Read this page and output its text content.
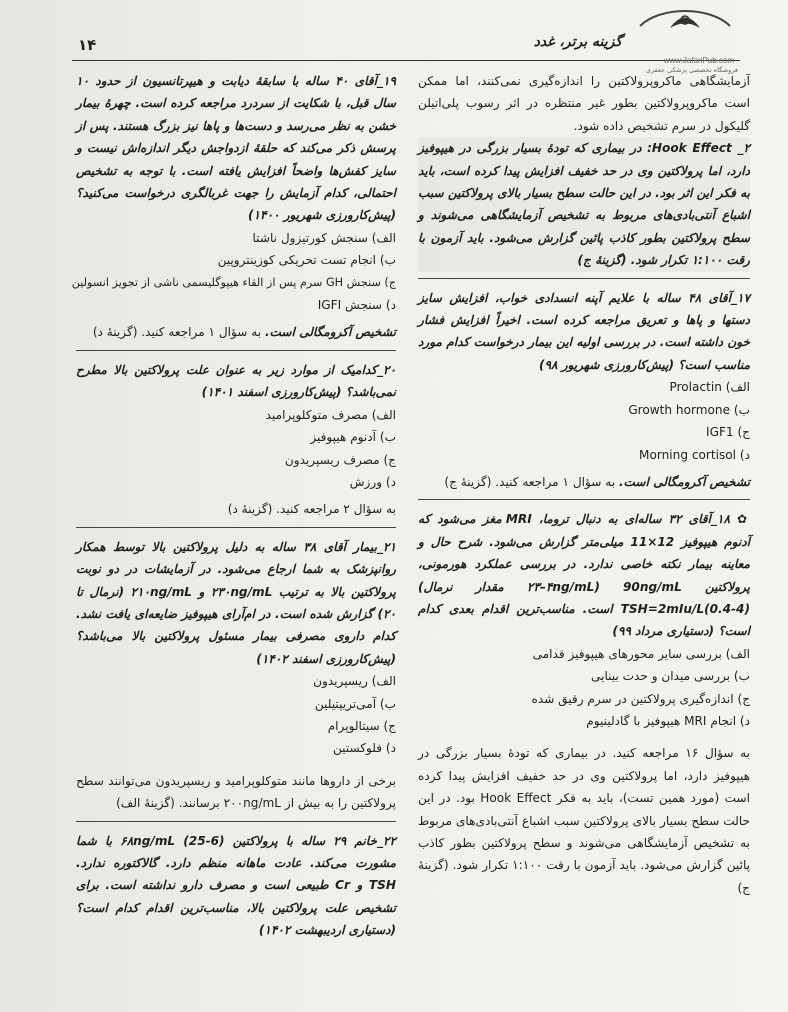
۱۴	گزینه برتر، غدد
www.JafariPub.com
فروشگاه تخصصی پزشکی جعفری
آزمایشگاهی ماکروپرولاکتین را اندازه‌گیری نمی‌کنند، اما ممکن است ماکروپرولاکتین بطور غیر منتظره در اثر رسوب پلی‌اتیلن گلیکول در سرم تشخیص داده شود.
۲_ Hook Effect: در بیماری که تودهٔ بسیار بزرگی در هیپوفیز دارد، اما پرولاکتین وی در حد خفیف افزایش پیدا کرده است، باید به فکر این اثر بود. در این حالت سطح بسیار بالای پرولاکتین سبب اشباع آنتی‌بادی‌های مربوط به تشخیص آزمایشگاهی می‌شوند و سطح پرولاکتین بطور کاذب پائین گزارش می‌شود. باید آزمون با رقت ۱:۱۰۰ تکرار شود. (گزینهٔ ج)
۱۷_آقای ۴۸ ساله با علایم آپنه انسدادی خواب، افزایش سایز دستها و پاها و تعریق مراجعه کرده است. اخیراً افزایش فشار خون داشته است. در بررسی اولیه این بیمار درخواست کدام مورد مناسب است؟ (پیش‌کارورزی شهریور ۹۸)
الف) Prolactin
ب) Growth hormone
ج) IGF1
د) Morning cortisol
تشخیص آکرومگالی است. به سؤال ۱ مراجعه کنید. (گزینهٔ ج)
✿ ۱۸_آقای ۳۲ ساله‌ای به دنبال تروما، MRI مغز می‌شود که آدنوم هیپوفیز 12×11 میلی‌متر گزارش می‌شود. شرح حال و معاینه بیمار نکته خاصی ندارد. در بررسی عملکرد هورمونی، پرولاکتین 90ng/mL (۲۳–۴ng/mL مقدار نرمال) TSH=2mIu/L(0.4-4) است. مناسب‌ترین اقدام بعدی کدام است؟ (دستیاری مرداد ۹۹)
الف) بررسی سایر محورهای هیپوفیز قدامی
ب) بررسی میدان و حدت بینایی
ج) اندازه‌گیری پرولاکتین در سرم رقیق شده
د) انجام MRI هیپوفیز با گادلینیوم
به سؤال ۱۶ مراجعه کنید. در بیماری که تودهٔ بسیار بزرگی در هیپوفیز دارد، اما پرولاکتین وی در حد خفیف افزایش پیدا کرده است (مورد همین تست)، باید به فکر Hook Effect بود. در این حالت سطح بسیار بالای پرولاکتین سبب اشباع آنتی‌بادی‌های مربوط به تشخیص آزمایشگاهی می‌شوند و سطح پرولاکتین بطور کاذب پائین گزارش می‌شود. باید آزمون با رقت ۱:۱۰۰ تکرار شود. (گزینهٔ ج)
۱۹_آقای ۴۰ ساله با سابقهٔ دیابت و هیپرتانسیون از حدود ۱۰ سال قبل، با شکایت از سردرد مراجعه کرده است. چهرهٔ بیمار خشن به نظر می‌رسد و دست‌ها و پاها نیز بزرگ هستند. پس از پرسش ذکر می‌کند که حلقهٔ ازدواجش دیگر اندازه‌اش نیست و سایز کفش‌ها واضحاً افزایش یافته است. با توجه به تشخیص احتمالی، کدام آزمایش را جهت غربالگری درخواست می‌کنید؟ (پیش‌کارورزی شهریور ۱۴۰۰)
الف) سنجش کورتیزول ناشتا
ب) انجام تست تحریکی کوزینتروپین
ج) سنجش GH سرم پس از القاء هیپوگلیسمی ناشی از تجویز انسولین
د) سنجش IGFI
تشخیص آکرومگالی است. به سؤال ۱ مراجعه کنید. (گزینهٔ د)
۲۰_کدامیک از موارد زیر به عنوان علت پرولاکتین بالا مطرح نمی‌باشد؟ (پیش‌کارورزی اسفند ۱۴۰۱)
الف) مصرف متوکلوپرامید
ب) آدنوم هیپوفیز
ج) مصرف ریسپریدون
د) ورزش
به سؤال ۲ مراجعه کنید. (گزینهٔ د)
۲۱_بیمار آقای ۳۸ ساله به دلیل پرولاکتین بالا توسط همکار روانپزشک به شما ارجاع می‌شود. در آزمایشات در دو نوبت پرولاکتین بالا به ترتیب ۲۳۰ng/mL و ۲۱۰ng/mL (نرمال تا ۲۰) گزارش شده است. در ام‌آر‌ای هیپوفیز ضایعه‌ای یافت نشد. کدام داروی مصرفی بیمار مسئول پرولاکتین بالا می‌باشد؟ (پیش‌کارورزی اسفند ۱۴۰۲)
الف) ریسپریدون
ب) آمی‌تریپتیلین
ج) سیتالوپرام
د) فلوکستین
برخی از داروها مانند متوکلوپرامید و ریسپریدون می‌توانند سطح پرولاکتین را به بیش از ۲۰۰ng/mL برسانند. (گزینهٔ الف)
۲۲_خانم ۲۹ ساله با پرولاکتین ۶۸ng/mL (25-6) با شما مشورت می‌کند. عادت ماهانه منظم دارد. گالاکتوره ندارد. TSH و Cr طبیعی است و مصرف دارو نداشته است. برای تشخیص علت پرولاکتین بالا، مناسب‌ترین اقدام کدام است؟ (دستیاری اردیبهشت ۱۴۰۲)
